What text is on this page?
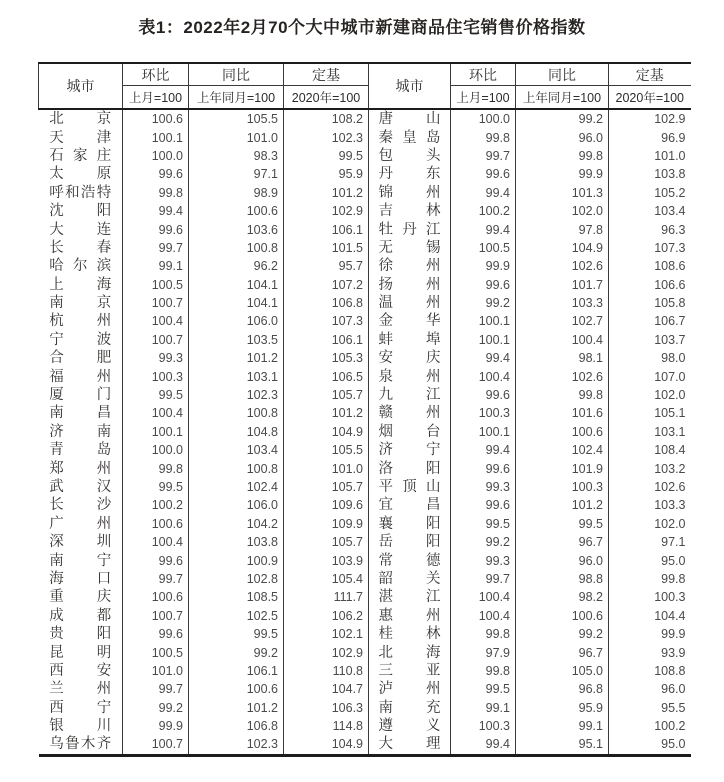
表1：2022年2月70个大中城市新建商品住宅销售价格指数
城市	环比	同比	定基	城市	环比	同比	定基
	上月=100	上年同月=100	2020年=100		上月=100	上年同月=100	2020年=100
北京	100.6	105.5	108.2	唐山	100.0	99.2	102.9
天津	100.1	101.0	102.3	秦皇岛	99.8	96.0	96.9
石家庄	100.0	98.3	99.5	包头	99.7	99.8	101.0
太原	99.6	97.1	95.9	丹东	99.6	99.9	103.8
呼和浩特	99.8	98.9	101.2	锦州	99.4	101.3	105.2
沈阳	99.4	100.6	102.9	吉林	100.2	102.0	103.4
大连	99.6	103.6	106.1	牡丹江	99.4	97.8	96.3
长春	99.7	100.8	101.5	无锡	100.5	104.9	107.3
哈尔滨	99.1	96.2	95.7	徐州	99.9	102.6	108.6
上海	100.5	104.1	107.2	扬州	99.6	101.7	106.6
南京	100.7	104.1	106.8	温州	99.2	103.3	105.8
杭州	100.4	106.0	107.3	金华	100.1	102.7	106.7
宁波	100.7	103.5	106.1	蚌埠	100.1	100.4	103.7
合肥	99.3	101.2	105.3	安庆	99.4	98.1	98.0
福州	100.3	103.1	106.5	泉州	100.4	102.6	107.0
厦门	99.5	102.3	105.7	九江	99.6	99.8	102.0
南昌	100.4	100.8	101.2	赣州	100.3	101.6	105.1
济南	100.1	104.8	104.9	烟台	100.1	100.6	103.1
青岛	100.0	103.4	105.5	济宁	99.4	102.4	108.4
郑州	99.8	100.8	101.0	洛阳	99.6	101.9	103.2
武汉	99.5	102.4	105.7	平顶山	99.3	100.3	102.6
长沙	100.2	106.0	109.6	宜昌	99.6	101.2	103.3
广州	100.6	104.2	109.9	襄阳	99.5	99.5	102.0
深圳	100.4	103.8	105.7	岳阳	99.2	96.7	97.1
南宁	99.6	100.9	103.9	常德	99.3	96.0	95.0
海口	99.7	102.8	105.4	韶关	99.7	98.8	99.8
重庆	100.6	108.5	111.7	湛江	100.4	98.2	100.3
成都	100.7	102.5	106.2	惠州	100.4	100.6	104.4
贵阳	99.6	99.5	102.1	桂林	99.8	99.2	99.9
昆明	100.5	99.2	102.9	北海	97.9	96.7	93.9
西安	101.0	106.1	110.8	三亚	99.8	105.0	108.8
兰州	99.7	100.6	104.7	泸州	99.5	96.8	96.0
西宁	99.2	101.2	106.3	南充	99.1	95.9	95.5
银川	99.9	106.8	114.8	遵义	100.3	99.1	100.2
乌鲁木齐	100.7	102.3	104.9	大理	99.4	95.1	95.0
